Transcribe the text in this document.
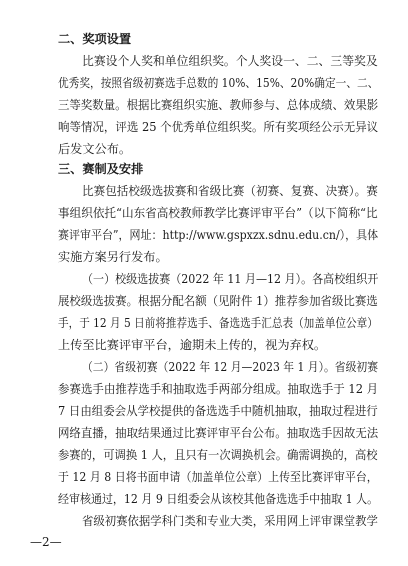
二、奖项设置
比赛设个人奖和单位组织奖。个人奖设一、二、三等奖及
优秀奖，按照省级初赛选手总数的 10%、15%、20%确定一、二、
三等奖数量。根据比赛组织实施、教师参与、总体成绩、效果影
响等情况，评选 25 个优秀单位组织奖。所有奖项经公示无异议
后发文公布。
三、赛制及安排
比赛包括校级选拔赛和省级比赛（初赛、复赛、决赛）。赛
事组织依托“山东省高校教师教学比赛评审平台”（以下简称“比
赛评审平台”，网址：http://www.gspxzx.sdnu.edu.cn/），具体
实施方案另行发布。
（一）校级选拔赛（2022 年 11 月—12 月）。各高校组织开
展校级选拔赛。根据分配名额（见附件 1）推荐参加省级比赛选
手，于 12 月 5 日前将推荐选手、备选选手汇总表（加盖单位公章）
上传至比赛评审平台，逾期未上传的，视为弃权。
（二）省级初赛（2022 年 12 月—2023 年 1 月）。省级初赛
参赛选手由推荐选手和抽取选手两部分组成。抽取选手于 12 月
7 日由组委会从学校提供的备选选手中随机抽取，抽取过程进行
网络直播，抽取结果通过比赛评审平台公布。抽取选手因故无法
参赛的，可调换 1 人，且只有一次调换机会。确需调换的，高校
于 12 月 8 日将书面申请（加盖单位公章）上传至比赛评审平台，
经审核通过，12 月 9 日组委会从该校其他备选选手中抽取 1 人。
省级初赛依据学科门类和专业大类，采用网上评审课堂教学
—2—
